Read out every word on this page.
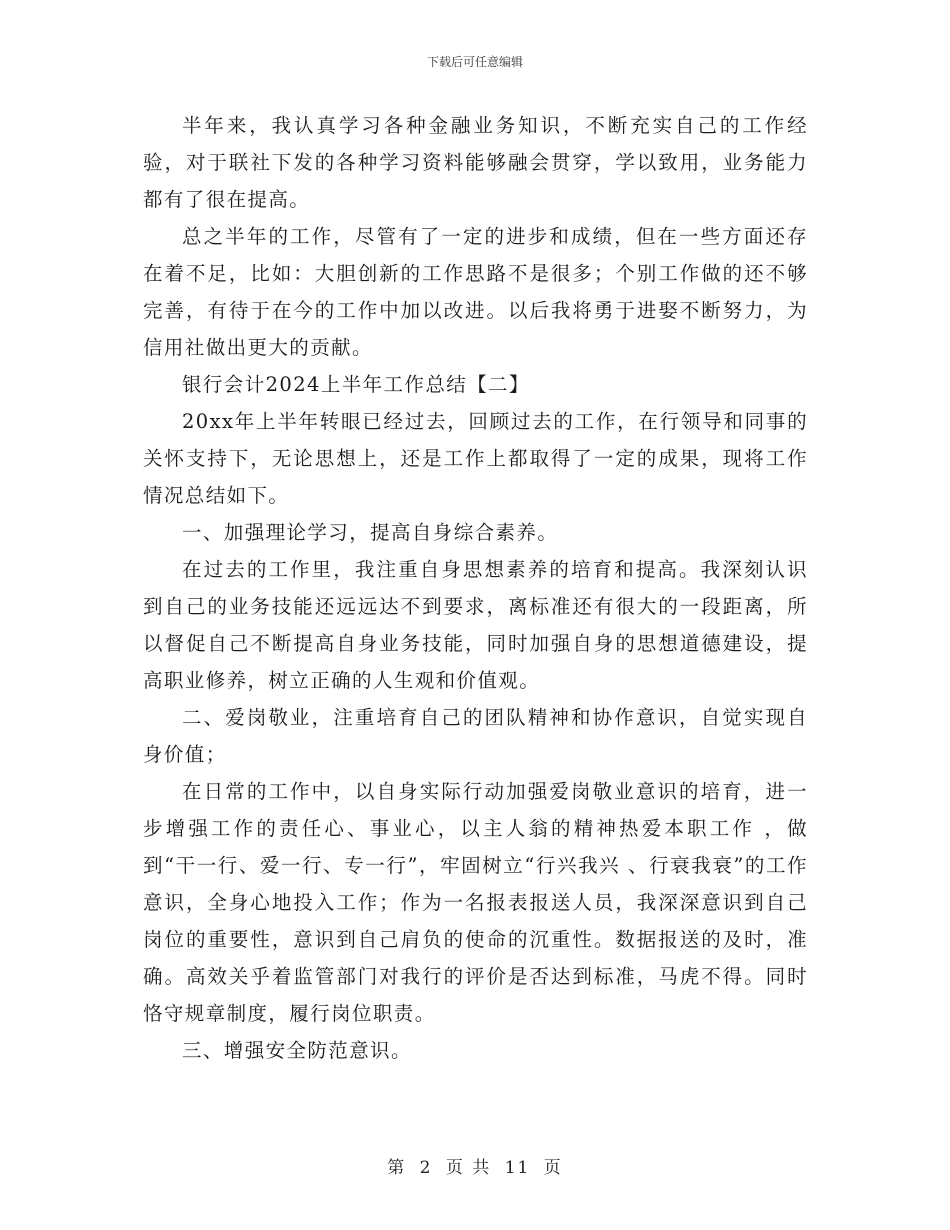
下载后可任意编辑

半年来，我认真学习各种金融业务知识，不断充实自己的工作经验，对于联社下发的各种学习资料能够融会贯穿，学以致用，业务能力都有了很在提高。

总之半年的工作，尽管有了一定的进步和成绩，但在一些方面还存在着不足，比如：大胆创新的工作思路不是很多；个别工作做的还不够完善，有待于在今的工作中加以改进。以后我将勇于进娶不断努力，为信用社做出更大的贡献。

银行会计2024上半年工作总结【二】

20xx年上半年转眼已经过去，回顾过去的工作，在行领导和同事的关怀支持下，无论思想上，还是工作上都取得了一定的成果，现将工作情况总结如下。

一、加强理论学习，提高自身综合素养。

在过去的工作里，我注重自身思想素养的培育和提高。我深刻认识到自己的业务技能还远远达不到要求，离标准还有很大的一段距离，所以督促自己不断提高自身业务技能，同时加强自身的思想道德建设，提高职业修养，树立正确的人生观和价值观。

二、爱岗敬业，注重培育自己的团队精神和协作意识，自觉实现自身价值；

在日常的工作中，以自身实际行动加强爱岗敬业意识的培育，进一步增强工作的责任心、事业心，以主人翁的精神热爱本职工作 ，做到“干一行、爱一行、专一行”，牢固树立“行兴我兴 、行衰我衰”的工作意识，全身心地投入工作；作为一名报表报送人员，我深深意识到自己岗位的重要性，意识到自己肩负的使命的沉重性。数据报送的及时，准确。高效关乎着监管部门对我行的评价是否达到标准，马虎不得。同时恪守规章制度，履行岗位职责。

三、增强安全防范意识。

第 2 页 共 11 页
